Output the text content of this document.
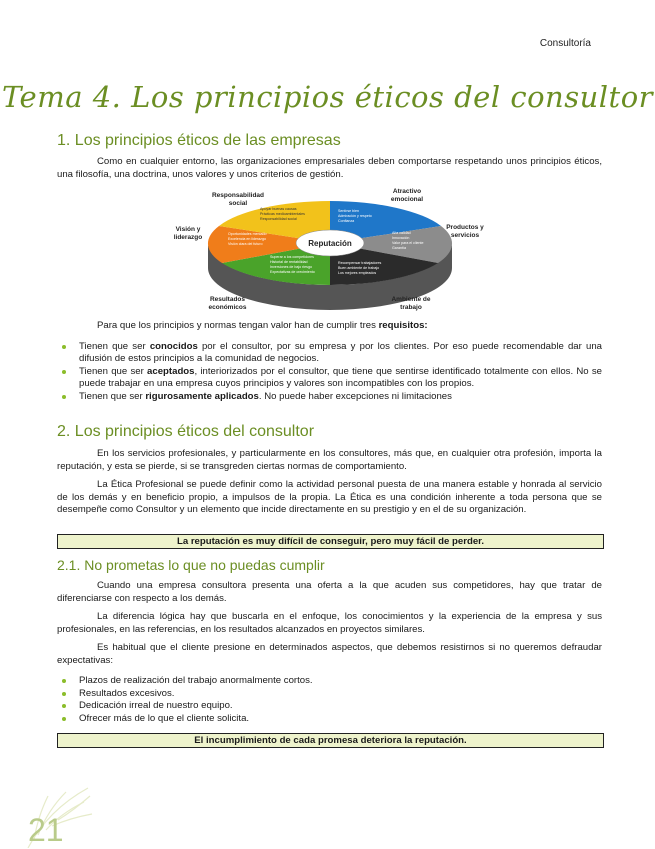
Consultoría
Tema 4. Los principios éticos del consultor
1. Los principios éticos de las empresas

Como en cualquier entorno, las organizaciones empresariales deben comportarse respetando unos principios éticos, una filosofía, una doctrina, unos valores y unos criterios de gestión.

Reputación
Sentirse bien
Admiración y respeto
Confianza
Alta calidad
Innovación
Valor para el cliente
Garantía
Recompensar trabajadores
Buen ambiente de trabajo
Los mejores empleados
Superar a los competidores
Historial de rentabilidad
Inversiones de bajo riesgo
Expectativas de crecimiento
Oportunidades mercado
Excelencia en liderazgo
Visión clara del futuro
Apoyar buenas causas
Prácticas medioambientales
Responsabilidad social
Responsabilidad social
Atractivo emocional
Productos y servicios
Ambiente de trabajo
Resultados económicos
Visión y liderazgo

Para que los principios y normas tengan valor han de cumplir tres requisitos:

Tienen que ser conocidos por el consultor, por su empresa y por los clientes. Por eso puede recomendable dar una difusión de estos principios a la comunidad de negocios.
Tienen que ser aceptados, interiorizados por el consultor, que tiene que sentirse identificado totalmente con ellos. No se puede trabajar en una empresa cuyos principios y valores son incompatibles con los propios.
Tienen que ser rigurosamente aplicados. No puede haber excepciones ni limitaciones
2. Los principios éticos del consultor

En los servicios profesionales, y particularmente en los consultores, más que, en cualquier otra profesión, importa la reputación, y esta se pierde, si se transgreden ciertas normas de comportamiento.

La Ética Profesional se puede definir como la actividad personal puesta de una manera estable y honrada al servicio de los demás y en beneficio propio, a impulsos de la propia. La Ética es una condición inherente a toda persona que se desempeñe como Consultor y un elemento que incide directamente en su prestigio y en el de su organización.

La reputación es muy difícil de conseguir, pero muy fácil de perder.
2.1. No prometas lo que no puedas cumplir

Cuando una empresa consultora presenta una oferta a la que acuden sus competidores, hay que tratar de diferenciarse con respecto a los demás.

La diferencia lógica hay que buscarla en el enfoque, los conocimientos y la experiencia de la empresa y sus profesionales, en las referencias, en los resultados alcanzados en proyectos similares.

Es habitual que el cliente presione en determinados aspectos, que debemos resistirnos si no queremos defraudar expectativas:

Plazos de realización del trabajo anormalmente cortos.
Resultados excesivos.
Dedicación irreal de nuestro equipo.
Ofrecer más de lo que el cliente solicita.
El incumplimiento de cada promesa deteriora la reputación.
21
